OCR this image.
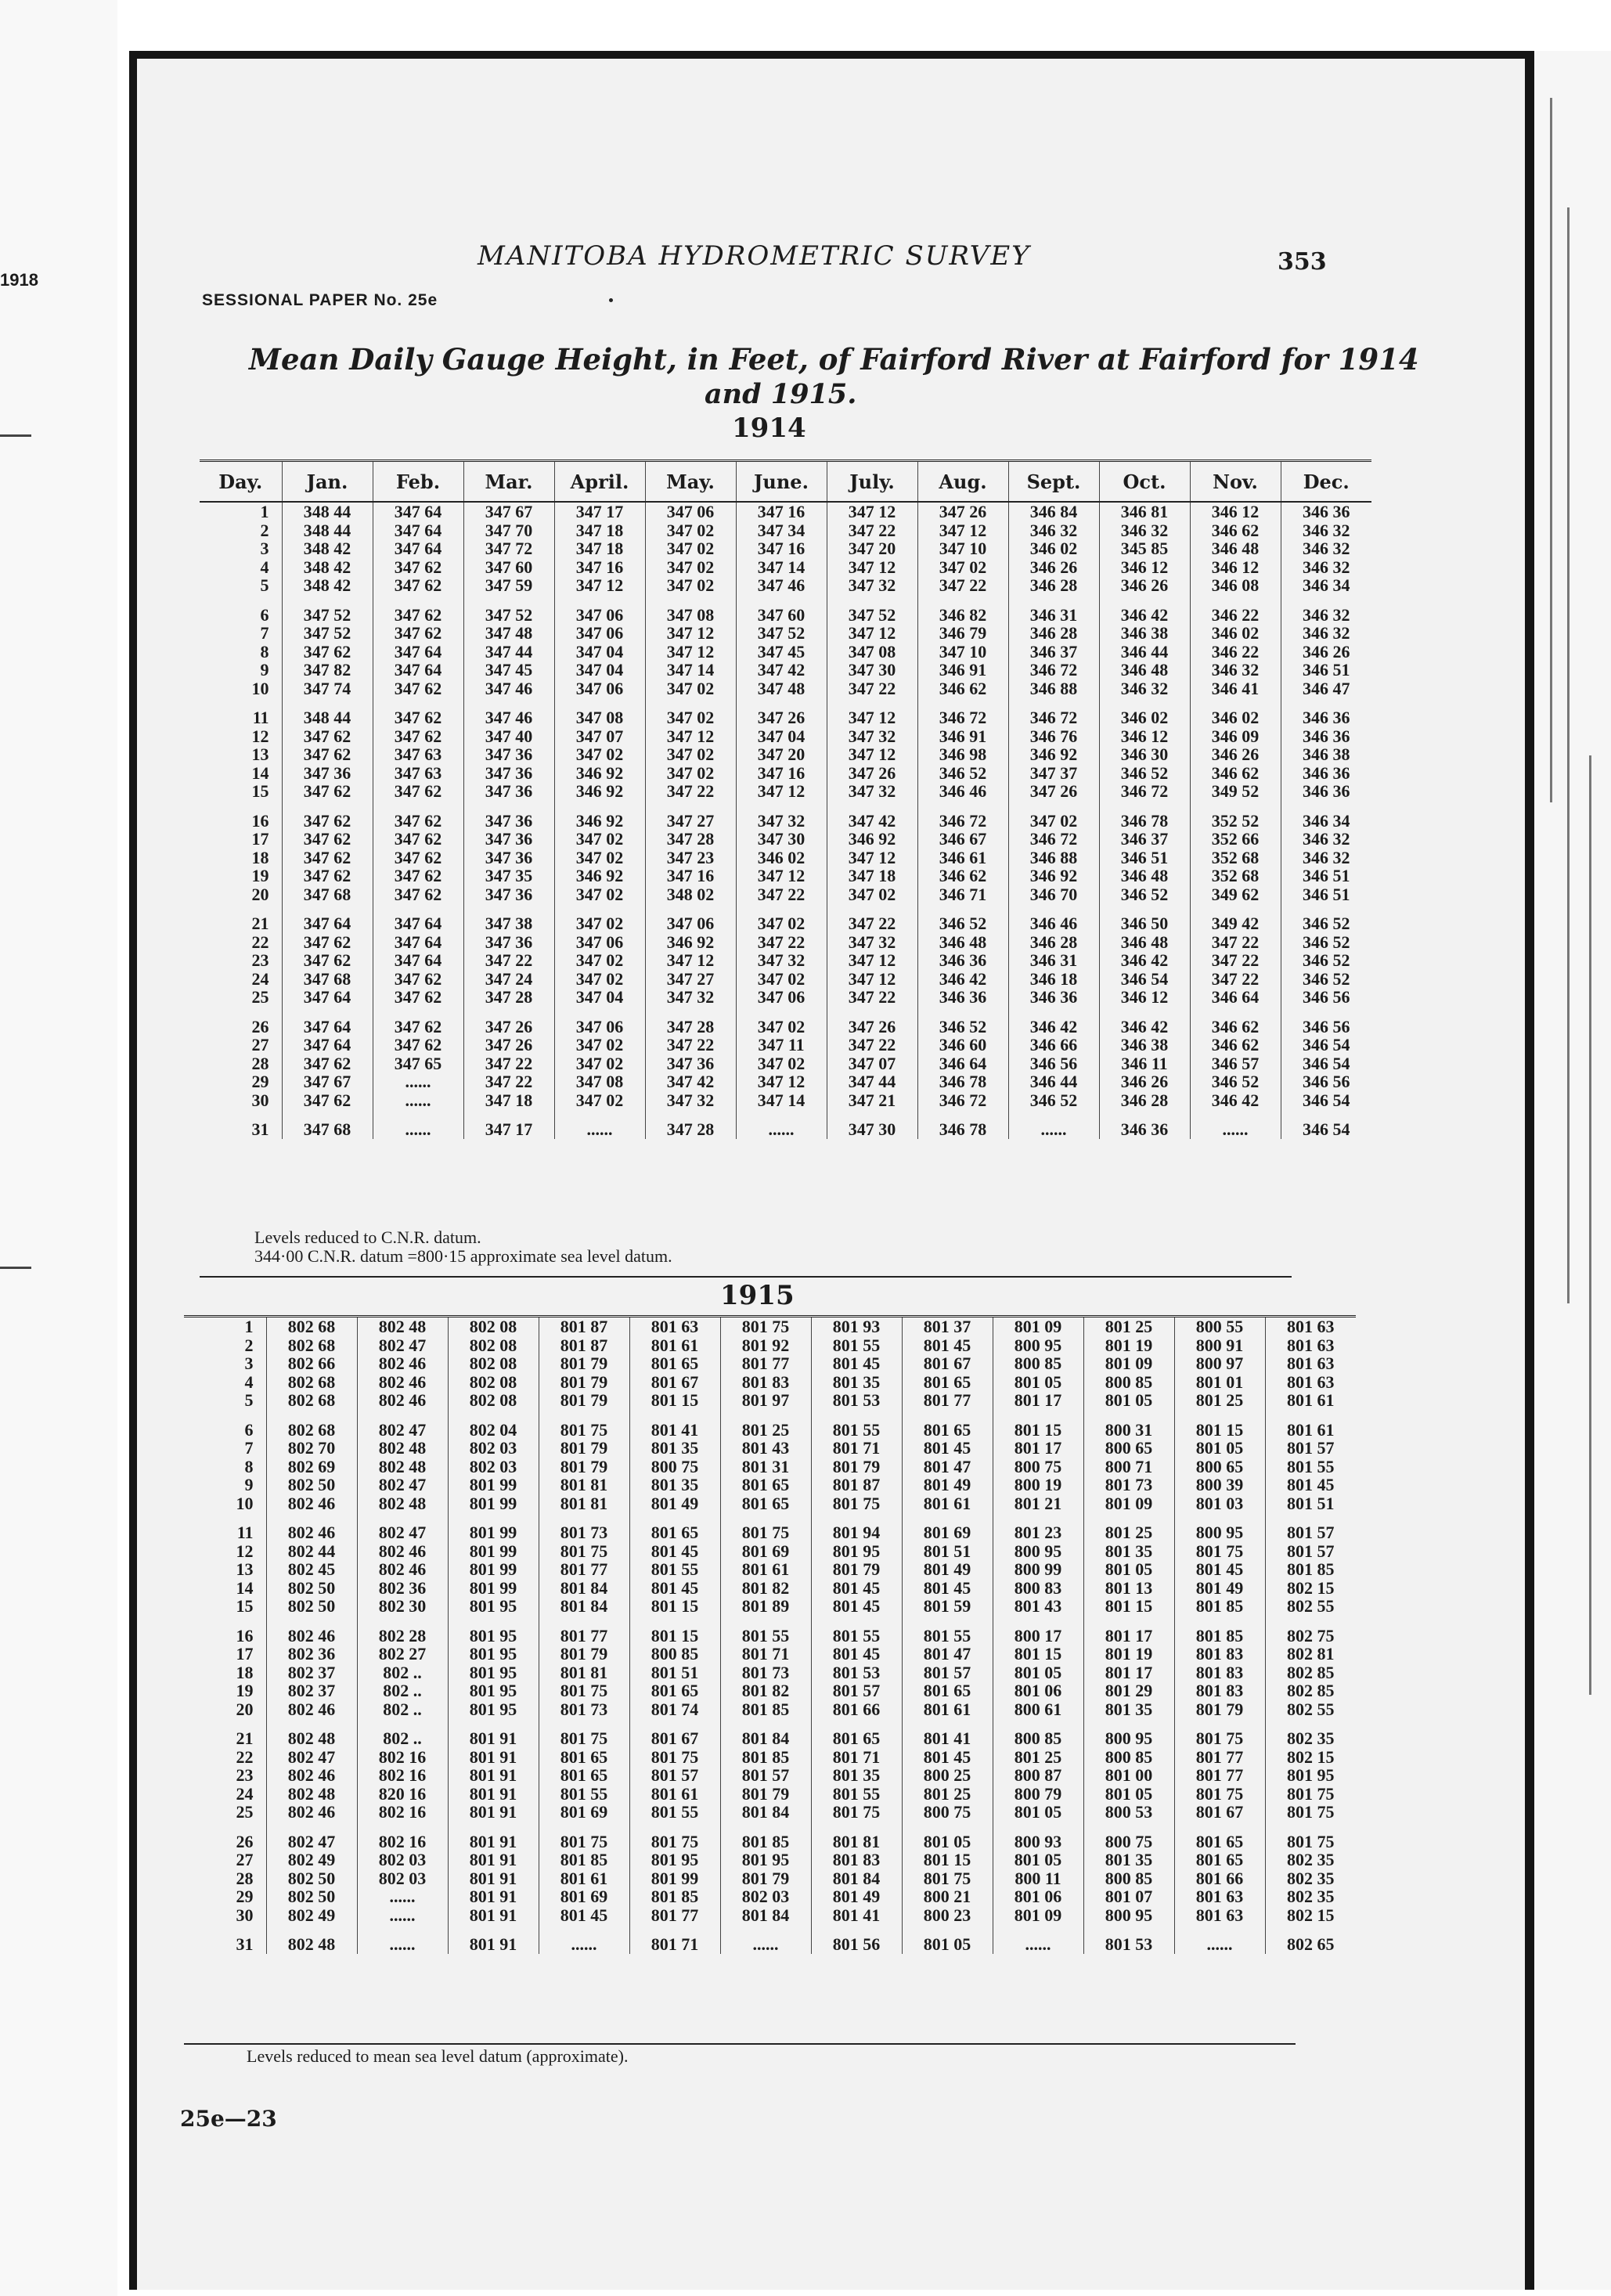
1918
MANITOBA HYDROMETRIC SURVEY	353
SESSIONAL PAPER No. 25e
Mean Daily Gauge Height, in Feet, of Fairford River at Fairford for 1914
and 1915.
1914
Day.	Jan.	Feb.	Mar.	April.	May.	June.	July.	Aug.	Sept.	Oct.	Nov.	Dec.
1	348 44	347 64	347 67	347 17	347 06	347 16	347 12	347 26	346 84	346 81	346 12	346 36
2	348 44	347 64	347 70	347 18	347 02	347 34	347 22	347 12	346 32	346 32	346 62	346 32
3	348 42	347 64	347 72	347 18	347 02	347 16	347 20	347 10	346 02	345 85	346 48	346 32
4	348 42	347 62	347 60	347 16	347 02	347 14	347 12	347 02	346 26	346 12	346 12	346 32
5	348 42	347 62	347 59	347 12	347 02	347 46	347 32	347 22	346 28	346 26	346 08	346 34
6	347 52	347 62	347 52	347 06	347 08	347 60	347 52	346 82	346 31	346 42	346 22	346 32
7	347 52	347 62	347 48	347 06	347 12	347 52	347 12	346 79	346 28	346 38	346 02	346 32
8	347 62	347 64	347 44	347 04	347 12	347 45	347 08	347 10	346 37	346 44	346 22	346 26
9	347 82	347 64	347 45	347 04	347 14	347 42	347 30	346 91	346 72	346 48	346 32	346 51
10	347 74	347 62	347 46	347 06	347 02	347 48	347 22	346 62	346 88	346 32	346 41	346 47
11	348 44	347 62	347 46	347 08	347 02	347 26	347 12	346 72	346 72	346 02	346 02	346 36
12	347 62	347 62	347 40	347 07	347 12	347 04	347 32	346 91	346 76	346 12	346 09	346 36
13	347 62	347 63	347 36	347 02	347 02	347 20	347 12	346 98	346 92	346 30	346 26	346 38
14	347 36	347 63	347 36	346 92	347 02	347 16	347 26	346 52	347 37	346 52	346 62	346 36
15	347 62	347 62	347 36	346 92	347 22	347 12	347 32	346 46	347 26	346 72	349 52	346 36
16	347 62	347 62	347 36	346 92	347 27	347 32	347 42	346 72	347 02	346 78	352 52	346 34
17	347 62	347 62	347 36	347 02	347 28	347 30	346 92	346 67	346 72	346 37	352 66	346 32
18	347 62	347 62	347 36	347 02	347 23	346 02	347 12	346 61	346 88	346 51	352 68	346 32
19	347 62	347 62	347 35	346 92	347 16	347 12	347 18	346 62	346 92	346 48	352 68	346 51
20	347 68	347 62	347 36	347 02	348 02	347 22	347 02	346 71	346 70	346 52	349 62	346 51
21	347 64	347 64	347 38	347 02	347 06	347 02	347 22	346 52	346 46	346 50	349 42	346 52
22	347 62	347 64	347 36	347 06	346 92	347 22	347 32	346 48	346 28	346 48	347 22	346 52
23	347 62	347 64	347 22	347 02	347 12	347 32	347 12	346 36	346 31	346 42	347 22	346 52
24	347 68	347 62	347 24	347 02	347 27	347 02	347 12	346 42	346 18	346 54	347 22	346 52
25	347 64	347 62	347 28	347 04	347 32	347 06	347 22	346 36	346 36	346 12	346 64	346 56
26	347 64	347 62	347 26	347 06	347 28	347 02	347 26	346 52	346 42	346 42	346 62	346 56
27	347 64	347 62	347 26	347 02	347 22	347 11	347 22	346 60	346 66	346 38	346 62	346 54
28	347 62	347 65	347 22	347 02	347 36	347 02	347 07	346 64	346 56	346 11	346 57	346 54
29	347 67	......	347 22	347 08	347 42	347 12	347 44	346 78	346 44	346 26	346 52	346 56
30	347 62	......	347 18	347 02	347 32	347 14	347 21	346 72	346 52	346 28	346 42	346 54
31	347 68	......	347 17	......	347 28	......	347 30	346 78	......	346 36	......	346 54
Levels reduced to C.N.R. datum.
344·00 C.N.R. datum =800·15 approximate sea level datum.
1915

1	802 68	802 48	802 08	801 87	801 63	801 75	801 93	801 37	801 09	801 25	800 55	801 63
2	802 68	802 47	802 08	801 87	801 61	801 92	801 55	801 45	800 95	801 19	800 91	801 63
3	802 66	802 46	802 08	801 79	801 65	801 77	801 45	801 67	800 85	801 09	800 97	801 63
4	802 68	802 46	802 08	801 79	801 67	801 83	801 35	801 65	801 05	800 85	801 01	801 63
5	802 68	802 46	802 08	801 79	801 15	801 97	801 53	801 77	801 17	801 05	801 25	801 61
6	802 68	802 47	802 04	801 75	801 41	801 25	801 55	801 65	801 15	800 31	801 15	801 61
7	802 70	802 48	802 03	801 79	801 35	801 43	801 71	801 45	801 17	800 65	801 05	801 57
8	802 69	802 48	802 03	801 79	800 75	801 31	801 79	801 47	800 75	800 71	800 65	801 55
9	802 50	802 47	801 99	801 81	801 35	801 65	801 87	801 49	800 19	801 73	800 39	801 45
10	802 46	802 48	801 99	801 81	801 49	801 65	801 75	801 61	801 21	801 09	801 03	801 51
11	802 46	802 47	801 99	801 73	801 65	801 75	801 94	801 69	801 23	801 25	800 95	801 57
12	802 44	802 46	801 99	801 75	801 45	801 69	801 95	801 51	800 95	801 35	801 75	801 57
13	802 45	802 46	801 99	801 77	801 55	801 61	801 79	801 49	800 99	801 05	801 45	801 85
14	802 50	802 36	801 99	801 84	801 45	801 82	801 45	801 45	800 83	801 13	801 49	802 15
15	802 50	802 30	801 95	801 84	801 15	801 89	801 45	801 59	801 43	801 15	801 85	802 55
16	802 46	802 28	801 95	801 77	801 15	801 55	801 55	801 55	800 17	801 17	801 85	802 75
17	802 36	802 27	801 95	801 79	800 85	801 71	801 45	801 47	801 15	801 19	801 83	802 81
18	802 37	802 ..	801 95	801 81	801 51	801 73	801 53	801 57	801 05	801 17	801 83	802 85
19	802 37	802 ..	801 95	801 75	801 65	801 82	801 57	801 65	801 06	801 29	801 83	802 85
20	802 46	802 ..	801 95	801 73	801 74	801 85	801 66	801 61	800 61	801 35	801 79	802 55
21	802 48	802 ..	801 91	801 75	801 67	801 84	801 65	801 41	800 85	800 95	801 75	802 35
22	802 47	802 16	801 91	801 65	801 75	801 85	801 71	801 45	801 25	800 85	801 77	802 15
23	802 46	802 16	801 91	801 65	801 57	801 57	801 35	800 25	800 87	801 00	801 77	801 95
24	802 48	820 16	801 91	801 55	801 61	801 79	801 55	801 25	800 79	801 05	801 75	801 75
25	802 46	802 16	801 91	801 69	801 55	801 84	801 75	800 75	801 05	800 53	801 67	801 75
26	802 47	802 16	801 91	801 75	801 75	801 85	801 81	801 05	800 93	800 75	801 65	801 75
27	802 49	802 03	801 91	801 85	801 95	801 95	801 83	801 15	801 05	801 35	801 65	802 35
28	802 50	802 03	801 91	801 61	801 99	801 79	801 84	801 75	800 11	800 85	801 66	802 35
29	802 50	......	801 91	801 69	801 85	802 03	801 49	800 21	801 06	801 07	801 63	802 35
30	802 49	......	801 91	801 45	801 77	801 84	801 41	800 23	801 09	800 95	801 63	802 15
31	802 48	......	801 91	......	801 71	......	801 56	801 05	......	801 53	......	802 65
Levels reduced to mean sea level datum (approximate).
25e—23
